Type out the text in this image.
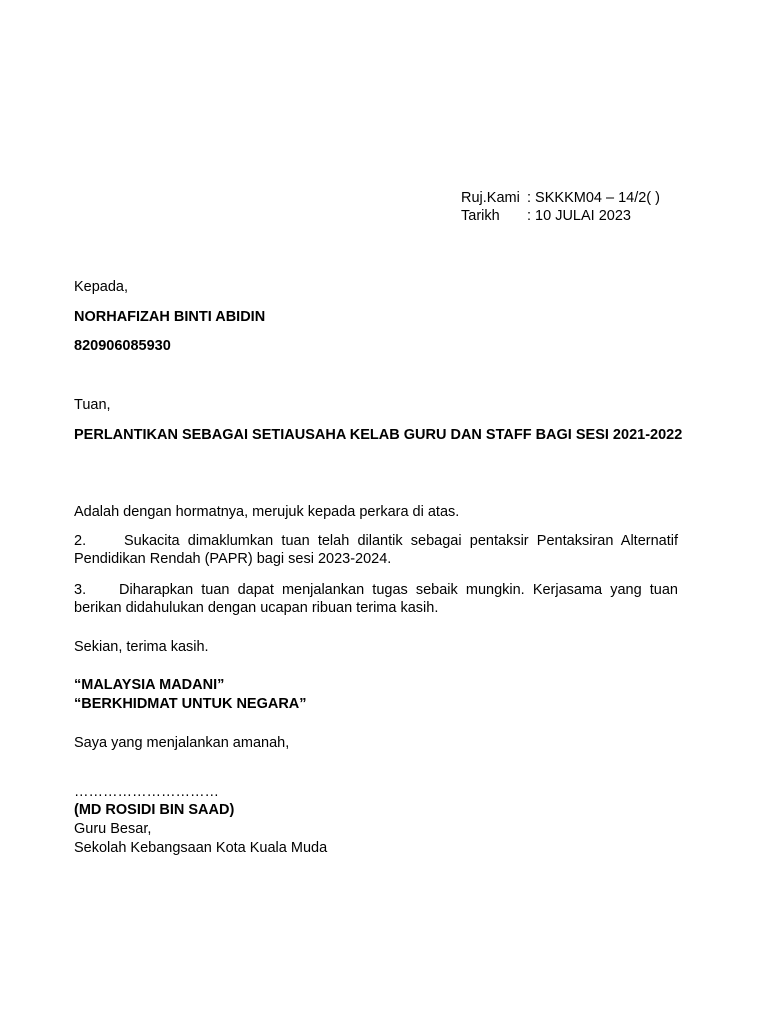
Ruj.Kami : SKKKM04 – 14/2( )
Tarikh	: 10 JULAI 2023
Kepada,
NORHAFIZAH BINTI ABIDIN
820906085930
Tuan,
PERLANTIKAN SEBAGAI SETIAUSAHA KELAB GURU DAN STAFF BAGI SESI 2021-2022
Adalah dengan hormatnya, merujuk kepada perkara di atas.
2.	Sukacita dimaklumkan tuan telah dilantik sebagai pentaksir Pentaksiran Alternatif Pendidikan Rendah (PAPR) bagi sesi 2023-2024.
3. Diharapkan tuan dapat menjalankan tugas sebaik mungkin. Kerjasama yang tuan berikan didahulukan dengan ucapan ribuan terima kasih.
Sekian, terima kasih.
“MALAYSIA MADANI”
“BERKHIDMAT UNTUK NEGARA”
Saya yang menjalankan amanah,
…………………………
(MD ROSIDI BIN SAAD)
Guru Besar,
Sekolah Kebangsaan Kota Kuala Muda
